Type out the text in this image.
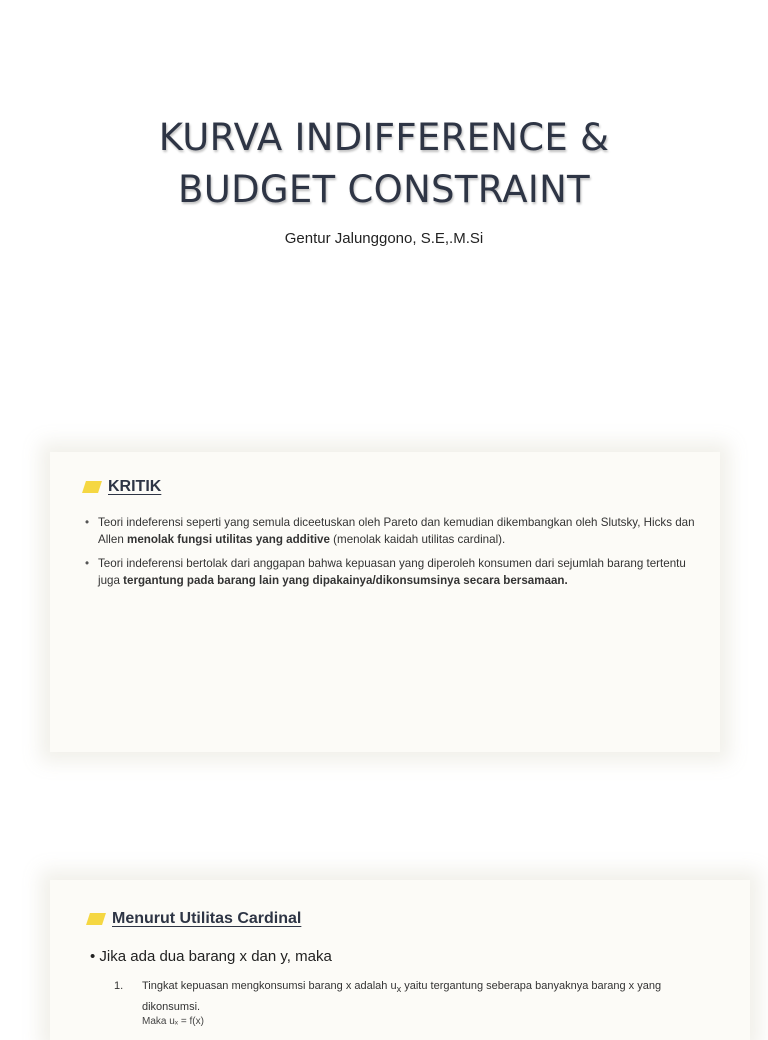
KURVA INDIFFERENCE &
BUDGET CONSTRAINT
Gentur Jalunggono, S.E,.M.Si
KRITIK
• Teori indeferensi seperti yang semula diceetuskan oleh Pareto dan kemudian dikembangkan oleh Slutsky, Hicks dan Allen menolak fungsi utilitas yang additive (menolak kaidah utilitas cardinal).
• Teori indeferensi bertolak dari anggapan bahwa kepuasan yang diperoleh konsumen dari sejumlah barang tertentu juga tergantung pada barang lain yang dipakainya/dikonsumsinya secara bersamaan.
Menurut Utilitas Cardinal
• Jika ada dua barang x dan y, maka
1. Tingkat kepuasan mengkonsumsi barang x adalah $u_x$ yaitu tergantung seberapa banyaknya barang x yang dikonsumsi.
Maka uₓ = f(x)
